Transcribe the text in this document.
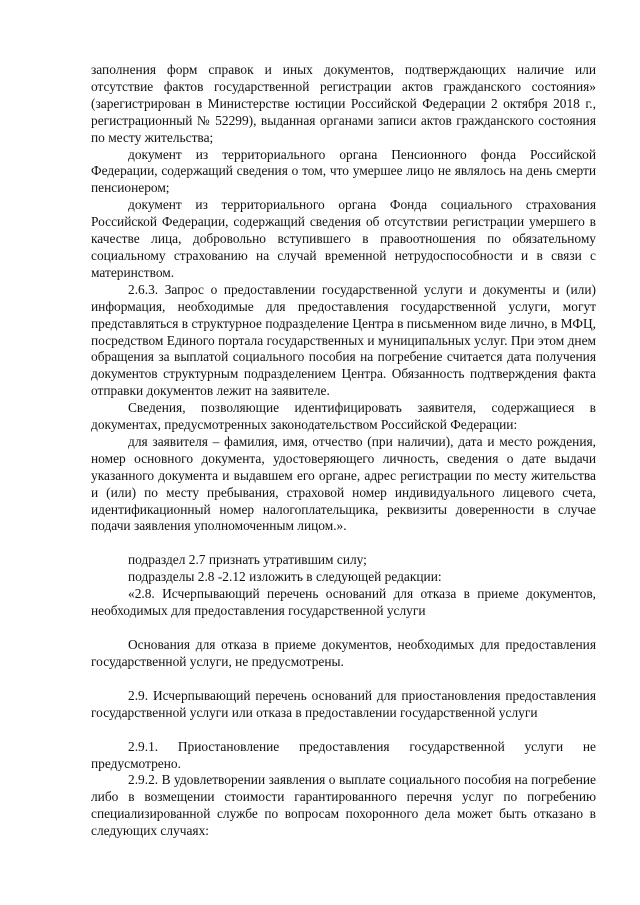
заполнения форм справок и иных документов, подтверждающих наличие или отсутствие фактов государственной регистрации актов гражданского состояния» (зарегистрирован в Министерстве юстиции Российской Федерации 2 октября 2018 г., регистрационный № 52299), выданная органами записи актов гражданского состояния по месту жительства;

документ из территориального органа Пенсионного фонда Российской Федерации, содержащий сведения о том, что умершее лицо не являлось на день смерти пенсионером;

документ из территориального органа Фонда социального страхования Российской Федерации, содержащий сведения об отсутствии регистрации умершего в качестве лица, добровольно вступившего в правоотношения по обязательному социальному страхованию на случай временной нетрудоспособности и в связи с материнством.

2.6.3. Запрос о предоставлении государственной услуги и документы и (или) информация, необходимые для предоставления государственной услуги, могут представляться в структурное подразделение Центра в письменном виде лично, в МФЦ, посредством Единого портала государственных и муниципальных услуг. При этом днем обращения за выплатой социального пособия на погребение считается дата получения документов структурным подразделением Центра. Обязанность подтверждения факта отправки документов лежит на заявителе.

Сведения, позволяющие идентифицировать заявителя, содержащиеся в документах, предусмотренных законодательством Российской Федерации:

для заявителя – фамилия, имя, отчество (при наличии), дата и место рождения, номер основного документа, удостоверяющего личность, сведения о дате выдачи указанного документа и выдавшем его органе, адрес регистрации по месту жительства и (или) по месту пребывания, страховой номер индивидуального лицевого счета, идентификационный номер налогоплательщика, реквизиты доверенности в случае подачи заявления уполномоченным лицом.».

подраздел 2.7 признать утратившим силу;

подразделы 2.8 -2.12 изложить в следующей редакции:

«2.8. Исчерпывающий перечень оснований для отказа в приеме документов, необходимых для предоставления государственной услуги

Основания для отказа в приеме документов, необходимых для предоставления государственной услуги, не предусмотрены.

2.9. Исчерпывающий перечень оснований для приостановления предоставления государственной услуги или отказа в предоставлении государственной услуги

2.9.1. Приостановление предоставления государственной услуги не предусмотрено.

2.9.2. В удовлетворении заявления о выплате социального пособия на погребение либо в возмещении стоимости гарантированного перечня услуг по погребению специализированной службе по вопросам похоронного дела может быть отказано в следующих случаях:
